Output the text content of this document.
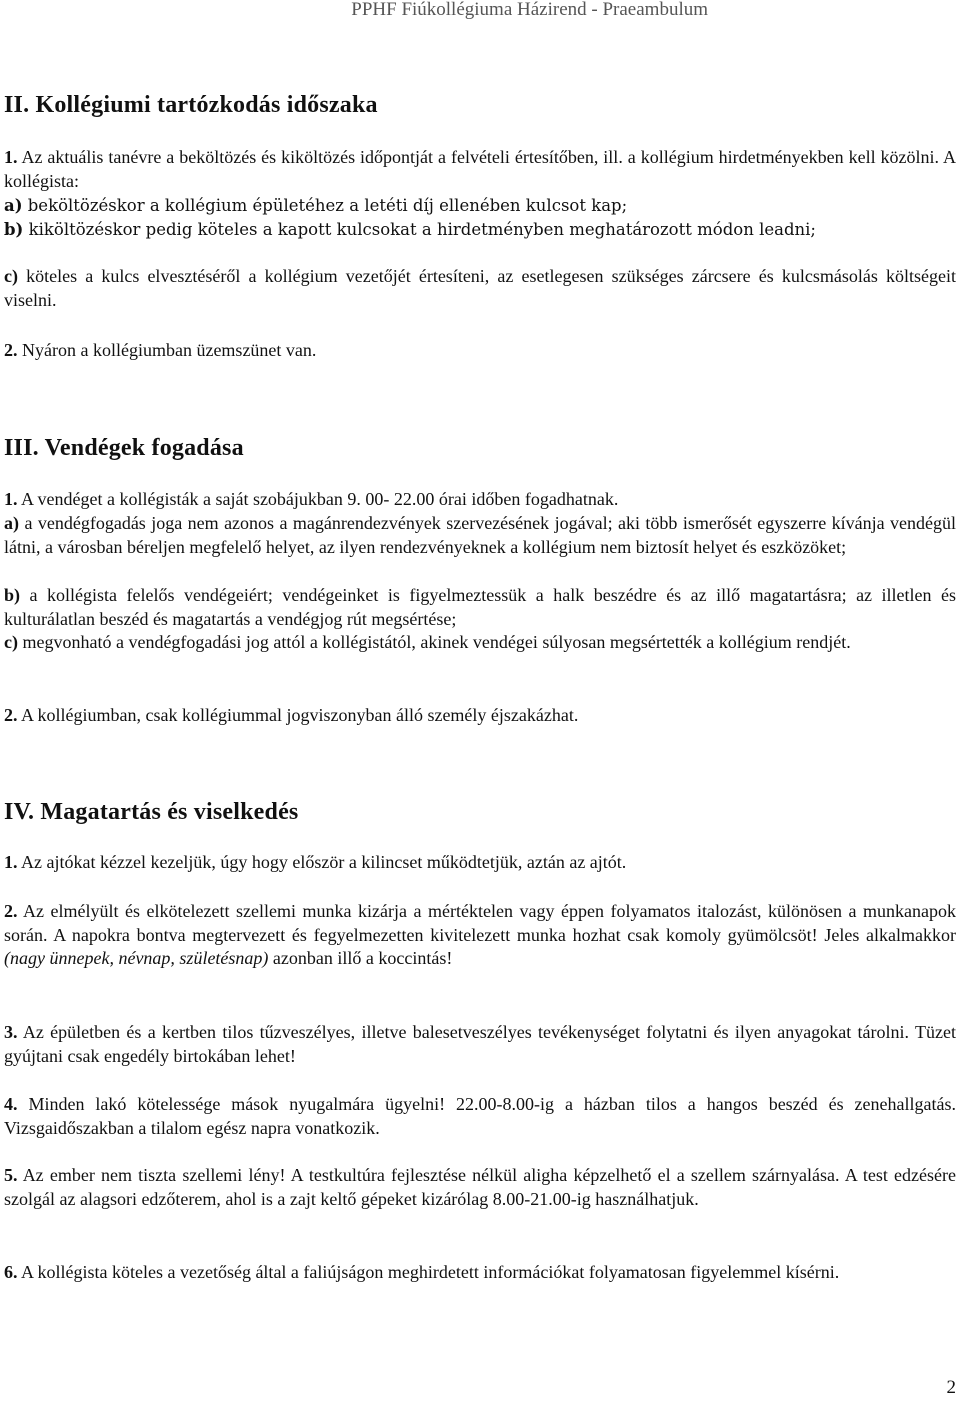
PPHF Fiúkollégiuma Házirend - Praeambulum
II. Kollégiumi tartózkodás időszaka
1. Az aktuális tanévre a beköltözés és kiköltözés időpontját a felvételi értesítőben, ill. a kollégium hirdetményekben kell közölni. A kollégista:
a) beköltözéskor a kollégium épületéhez a letéti díj ellenében kulcsot kap;
b) kiköltözéskor pedig köteles a kapott kulcsokat a hirdetményben meghatározott módon leadni;
c) köteles a kulcs elvesztéséről a kollégium vezetőjét értesíteni, az esetlegesen szükséges zárcsere és kulcsmásolás költségeit viselni.
2. Nyáron a kollégiumban üzemszünet van.
III. Vendégek fogadása
1. A vendéget a kollégisták a saját szobájukban 9. 00- 22.00 órai időben fogadhatnak.
a) a vendégfogadás joga nem azonos a magánrendezvények szervezésének jogával; aki több ismerősét egyszerre kívánja vendégül látni, a városban béreljen megfelelő helyet, az ilyen rendezvényeknek a kollégium nem biztosít helyet és eszközöket;
b) a kollégista felelős vendégeiért; vendégeinket is figyelmeztessük a halk beszédre és az illő magatartásra; az illetlen és kulturálatlan beszéd és magatartás a vendégjog rút megsértése;
c) megvonható a vendégfogadási jog attól a kollégistától, akinek vendégei súlyosan megsértették a kollégium rendjét.
2. A kollégiumban, csak kollégiummal jogviszonyban álló személy éjszakázhat.
IV. Magatartás és viselkedés
1. Az ajtókat kézzel kezeljük, úgy hogy először a kilincset működtetjük, aztán az ajtót.
2. Az elmélyült és elkötelezett szellemi munka kizárja a mértéktelen vagy éppen folyamatos italozást, különösen a munkanapok során. A napokra bontva megtervezett és fegyelmezetten kivitelezett munka hozhat csak komoly gyümölcsöt! Jeles alkalmakkor (nagy ünnepek, névnap, születésnap) azonban illő a koccintás!
3. Az épületben és a kertben tilos tűzveszélyes, illetve balesetveszélyes tevékenységet folytatni és ilyen anyagokat tárolni. Tüzet gyújtani csak engedély birtokában lehet!
4. Minden lakó kötelessége mások nyugalmára ügyelni! 22.00-8.00-ig a házban tilos a hangos beszéd és zenehallgatás. Vizsgaidőszakban a tilalom egész napra vonatkozik.
5. Az ember nem tiszta szellemi lény! A testkultúra fejlesztése nélkül aligha képzelhető el a szellem szárnyalása. A test edzésére szolgál az alagsori edzőterem, ahol is a zajt keltő gépeket kizárólag 8.00-21.00-ig használhatjuk.
6. A kollégista köteles a vezetőség által a faliújságon meghirdetett információkat folyamatosan figyelemmel kísérni.
2
